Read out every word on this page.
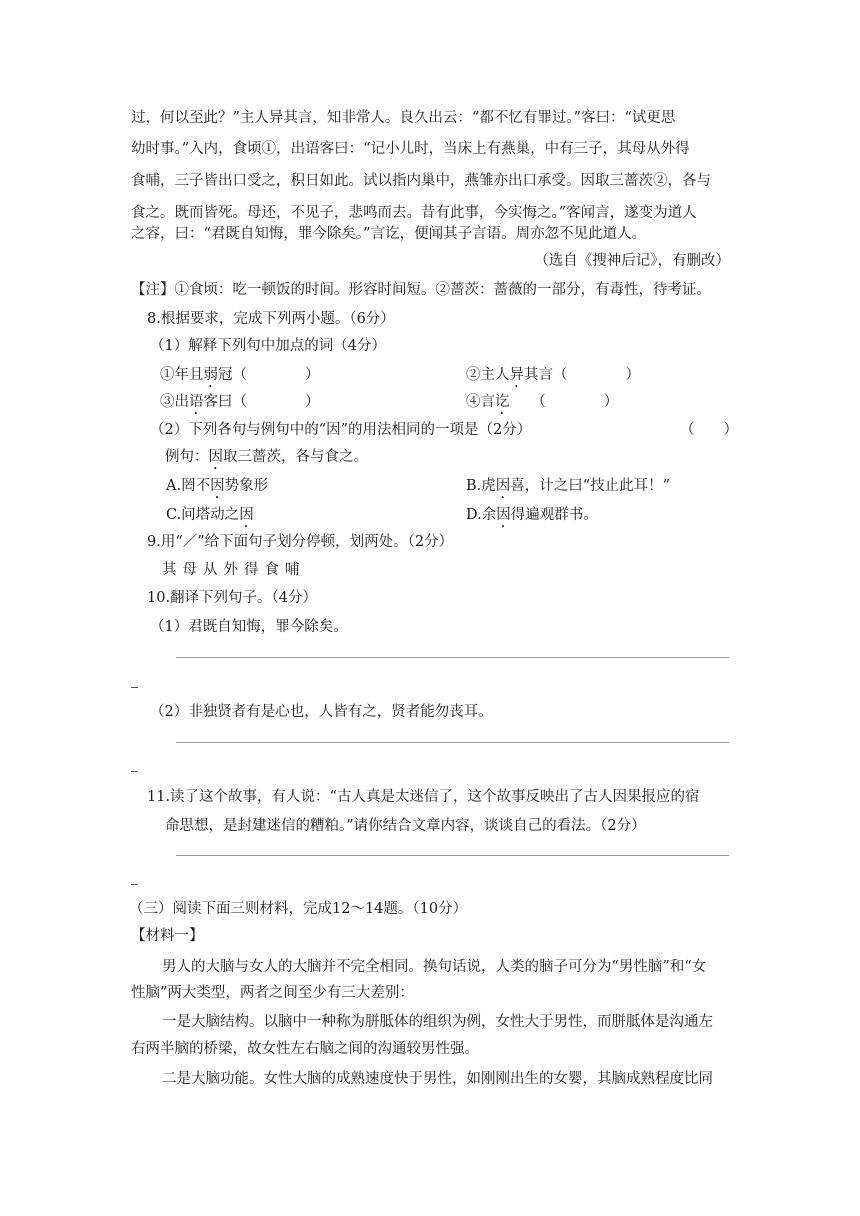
过，何以至此？”主人异其言，知非常人。良久出云：“都不忆有罪过。”客曰：“试更思
幼时事。”入内，食顷①，出语客曰：“记小儿时，当床上有燕巢，中有三子，其母从外得
食哺，三子皆出口受之，积日如此。试以指内巢中，燕雏亦出口承受。因取三蔷茨②，各与
食之。既而皆死。母还，不见子，悲鸣而去。昔有此事，今实悔之。”客闻言，遂变为道人
之容，曰：“君既自知悔，罪今除矣。”言讫，便闻其子言语。周亦忽不见此道人。
（选自《搜神后记》，有删改）
【注】①食顷：吃一顿饭的时间。形容时间短。②蔷茨：蔷薇的一部分，有毒性，待考证。
8.根据要求，完成下列两小题。（6分）
（1）解释下列句中加点的词（4分）
①年且弱冠（　　　　）	②主人异其言（　　　　）
③出语客曰（　　　　）	④言讫　　（　　　　）
（2）下列各句与例句中的“因”的用法相同的一项是（2分）	（　　）
例句：因取三蔷茨，各与食之。
A.罔不因势象形	B.虎因喜，计之曰“技止此耳！”
C.问塔动之因	D.余因得遍观群书。
9.用“／”给下面句子划分停顿，划两处。（2分）
其母从外得食哺
10.翻译下列句子。（4分）
（1）君既自知悔，罪今除矣。
（2）非独贤者有是心也，人皆有之，贤者能勿丧耳。
11.读了这个故事，有人说：“古人真是太迷信了，这个故事反映出了古人因果报应的宿
命思想，是封建迷信的糟粕。”请你结合文章内容，谈谈自己的看法。（2分）
（三）阅读下面三则材料，完成12～14题。（10分）
【材料一】
男人的大脑与女人的大脑并不完全相同。换句话说，人类的脑子可分为“男性脑”和“女
性脑”两大类型，两者之间至少有三大差别：
一是大脑结构。以脑中一种称为胼胝体的组织为例，女性大于男性，而胼胝体是沟通左
右两半脑的桥梁，故女性左右脑之间的沟通较男性强。
二是大脑功能。女性大脑的成熟速度快于男性，如刚刚出生的女婴，其脑成熟程度比同
